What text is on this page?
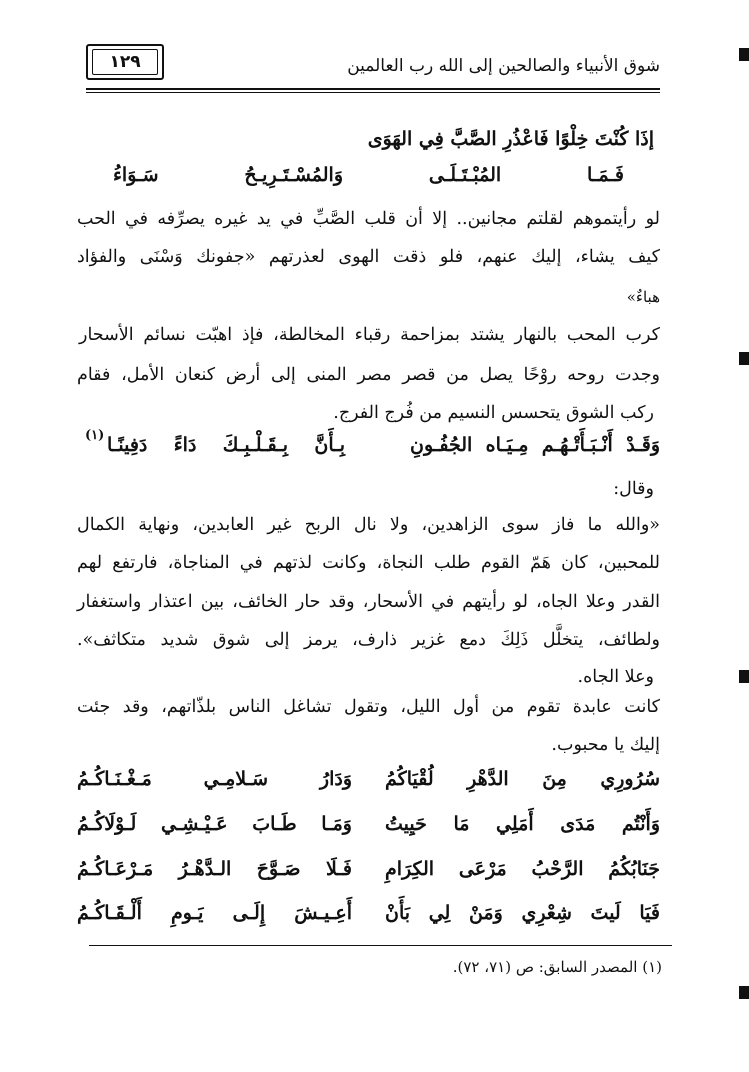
شوق الأنبياء والصالحين إلى الله رب العالمين
١٢٩
إذَا كُنْتَ خِلْوًا فَاعْذُرِ الصَّبَّ فِي الهَوَى
فَـمَـا المُبْـتَـلَـى وَالمُسْـتَـرِيـحُ سَـوَاءُ
لو رأيتموهم لقلتم مجانين.. إلا أن قلب الصَّبِّ في يد غيره يصرِّفه في الحب
كيف يشاء، إليك عنهم، فلو ذقت الهوى لعذرتهم «جفونك وَسْنَى والفؤاد
هباءٌ»
كرب المحب بالنهار يشتد بمزاحمة رقباء المخالطة، فإذ اهبّت نسائم الأسحار
وجدت روحه روْحًا يصل من قصر مصر المنى إلى أرض كنعان الأمل، فقام
ركب الشوق يتحسس النسيم من فُرج الفرج.
وَقَـدْ أَنْـبَـأَتْـهُـم مِـيَـاه الجُفُـونِ
بِـأَنَّ بِـقَـلْـبِـكَ دَاءً دَفِينًـا
(١)
وقال:
«والله ما فاز سوى الزاهدين، ولا نال الربح غير العابدين، ونهاية الكمال
للمحبين، كان هَمّ القوم طلب النجاة، وكانت لذتهم في المناجاة، فارتفع لهم
القدر وعلا الجاه، لو رأيتهم في الأسحار، وقد حار الخائف، بين اعتذار واستغفار
ولطائف، يتخلَّل ذَلِكَ دمع غزير ذارف، يرمز إلى شوق شديد متكاثف».
وعلا الجاه.
كانت عابدة تقوم من أول الليل، وتقول تشاغل الناس بلذّاتهم، وقد جئت
إليك يا محبوب.
سُرُورِي مِنَ الدَّهْرِ لُقْيَاكُمُ
وَدَارُ سَـلامِـي مَـغْـنَـاكُـمُ
وَأَنْتُم مَدَى أَمَلِي مَا حَيِيتُ
وَمَـا طَـابَ عَـيْـشِـي لَـوْلَاكُـمُ
جَنَابُكُمُ الرَّحْبُ مَرْعَى الكِرَامِ
فَـلَا صَـوَّحَ الـدَّهْـرُ مَـرْعَـاكُـمُ
فَيَا لَيتَ شِعْرِي وَمَنْ لِي بَأَنْ
أَعِـيـشَ إِلَـى يَـومِ أَلْـقَـاكُـمُ
(١) المصدر السابق: ص (٧١، ٧٢).
